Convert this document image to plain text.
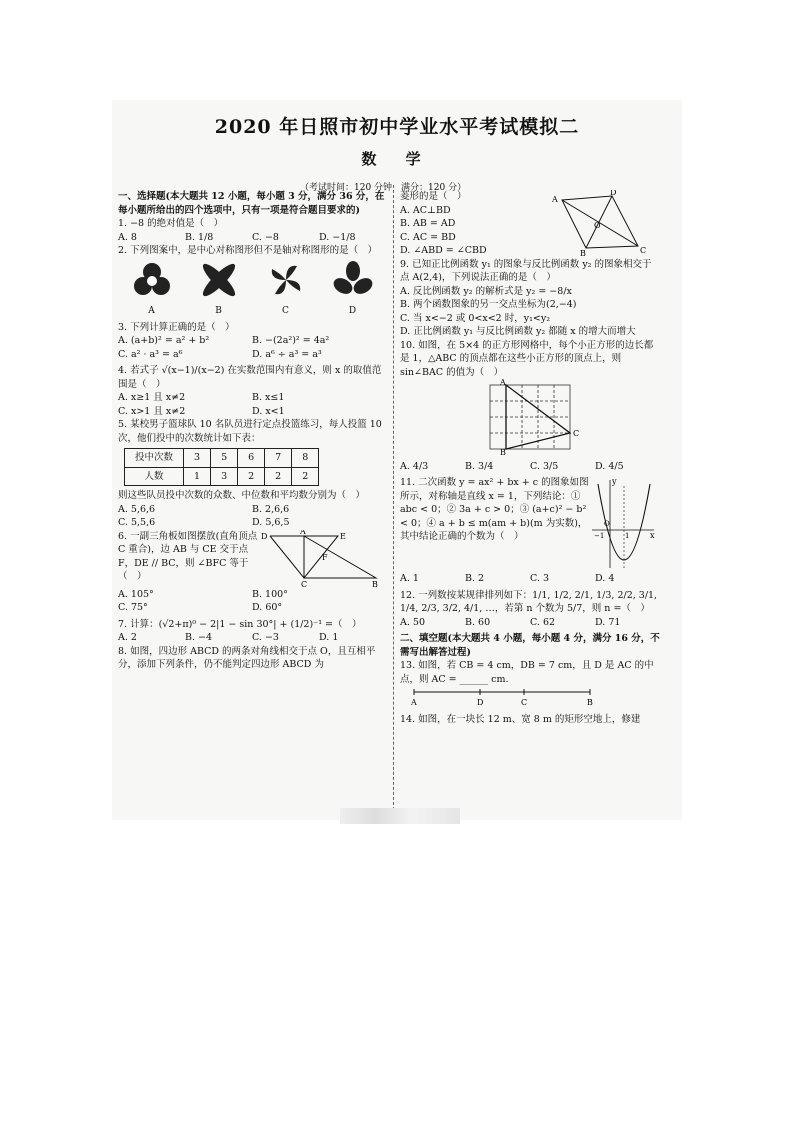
2020 年日照市初中学业水平考试模拟二
数 学
（考试时间：120 分钟　满分：120 分）

一、选择题(本大题共 12 小题，每小题 3 分，满分 36 分，在每小题所给出的四个选项中，只有一项是符合题目要求的)

1. −8 的绝对值是（　）

A. 8	B. 1/8	C. −8	D. −1/8

2. 下列图案中，是中心对称图形但不是轴对称图形的是（　）

A	B	C	D

3. 下列计算正确的是（　）

A. (a+b)² = a² + b²	B. −(2a²)² = 4a²
C. a² · a³ = a⁶	D. a⁶ ÷ a³ = a³

4. 若式子 √(x−1)/(x−2) 在实数范围内有意义，则 x 的取值范围是（　）

A. x≥1 且 x≠2	B. x≤1
C. x>1 且 x≠2	D. x<1

5. 某校男子篮球队 10 名队员进行定点投篮练习，每人投篮 10 次，他们投中的次数统计如下表：

投中次数	3	5	6	7	8
人数	1	3	2	2	2

则这些队员投中次数的众数、中位数和平均数分别为（　）

A. 5,6,6	B. 2,6,6
C. 5,5,6	D. 5,6,5

6. 一副三角板如图摆放(直角顶点 C 重合)，边 AB 与 CE 交于点 F，DE // BC，则 ∠BFC 等于（　）

D
A
E
F
C	B
A. 105°	B. 100°
C. 75°	D. 60°

7. 计算：(√2+π)⁰ − 2|1 − sin 30°| + (1/2)⁻¹ =（　）

A. 2	B. −4	C. −3	D. 1

8. 如图，四边形 ABCD 的两条对角线相交于点 O，且互相平分，添加下列条件，仍不能判定四边形 ABCD 为

菱形的是（　）

A. AC⊥BD

B. AB = AD

C. AC = BD

D. ∠ABD = ∠CBD

A
D
O
B	C

9. 已知正比例函数 y₁ 的图象与反比例函数 y₂ 的图象相交于点 A(2,4)，下列说法正确的是（　）

A. 反比例函数 y₂ 的解析式是 y₂ = −8/x

B. 两个函数图象的另一交点坐标为(2,−4)

C. 当 x<−2 或 0<x<2 时，y₁<y₂

D. 正比例函数 y₁ 与反比例函数 y₂ 都随 x 的增大而增大

10. 如图，在 5×4 的正方形网格中，每个小正方形的边长都是 1，△ABC 的顶点都在这些小正方形的顶点上，则 sin∠BAC 的值为（　）

A
B
C
A. 4/3	B. 3/4	C. 3/5	D. 4/5

11. 二次函数 y = ax² + bx + c 的图象如图所示，对称轴是直线 x = 1，下列结论：① abc < 0；② 3a + c > 0；③ (a+c)² − b² < 0；④ a + b ≤ m(am + b)(m 为实数)，其中结论正确的个数为（　）

y
x
O
−1	1
A. 1	B. 2	C. 3	D. 4

12. 一列数按某规律排列如下：1/1, 1/2, 2/1, 1/3, 2/2, 3/1, 1/4, 2/3, 3/2, 4/1, …，若第 n 个数为 5/7，则 n =（　）

A. 50	B. 60	C. 62	D. 71

二、填空题(本大题共 4 小题，每小题 4 分，满分 16 分，不需写出解答过程)

13. 如图，若 CB = 4 cm，DB = 7 cm，且 D 是 AC 的中点，则 AC = ______ cm.

A	D	C	B

14. 如图，在一块长 12 m、宽 8 m 的矩形空地上，修建
